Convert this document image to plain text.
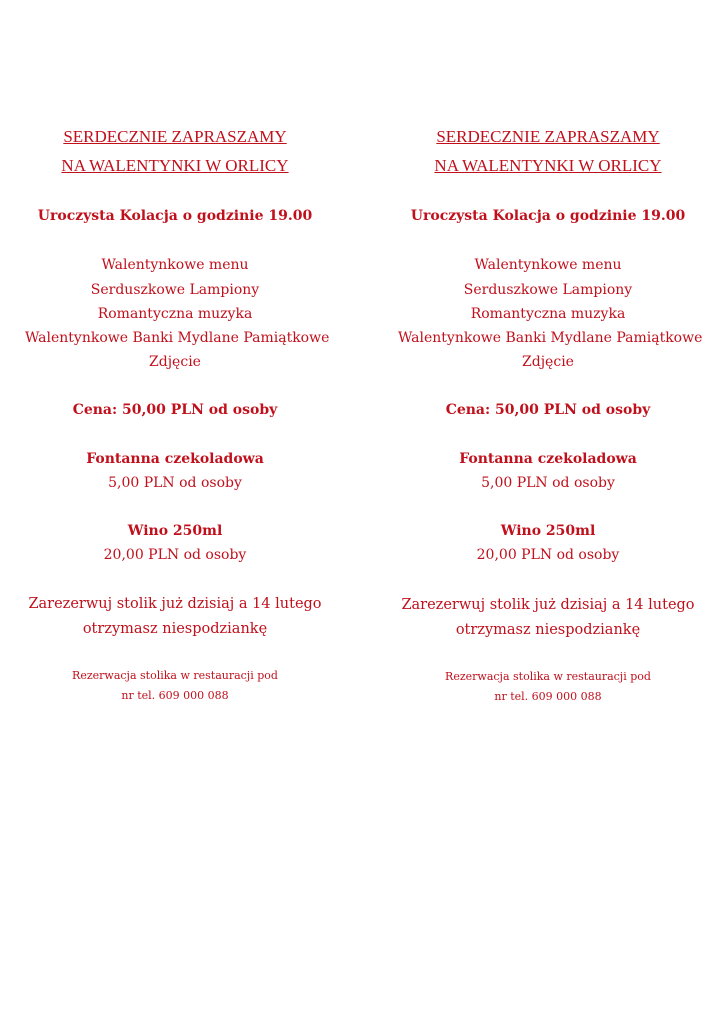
SERDECZNIE ZAPRASZAMY
NA WALENTYNKI W ORLICY
Uroczysta Kolacja o godzinie 19.00
Walentynkowe menu
Serduszkowe Lampiony
Romantyczna muzyka
Walentynkowe Banki Mydlane Pamiątkowe
Zdjęcie
Cena: 50,00 PLN od osoby
Fontanna czekoladowa
5,00 PLN od osoby
Wino 250ml
20,00 PLN od osoby
Zarezerwuj stolik już dzisiaj a 14 lutego
otrzymasz niespodziankę
Rezerwacja stolika w restauracji pod
nr tel. 609 000 088
SERDECZNIE ZAPRASZAMY
NA WALENTYNKI W ORLICY
Uroczysta Kolacja o godzinie 19.00
Walentynkowe menu
Serduszkowe Lampiony
Romantyczna muzyka
Walentynkowe Banki Mydlane Pamiątkowe
Zdjęcie
Cena: 50,00 PLN od osoby
Fontanna czekoladowa
5,00 PLN od osoby
Wino 250ml
20,00 PLN od osoby
Zarezerwuj stolik już dzisiaj a 14 lutego
otrzymasz niespodziankę
Rezerwacja stolika w restauracji pod
nr tel. 609 000 088
